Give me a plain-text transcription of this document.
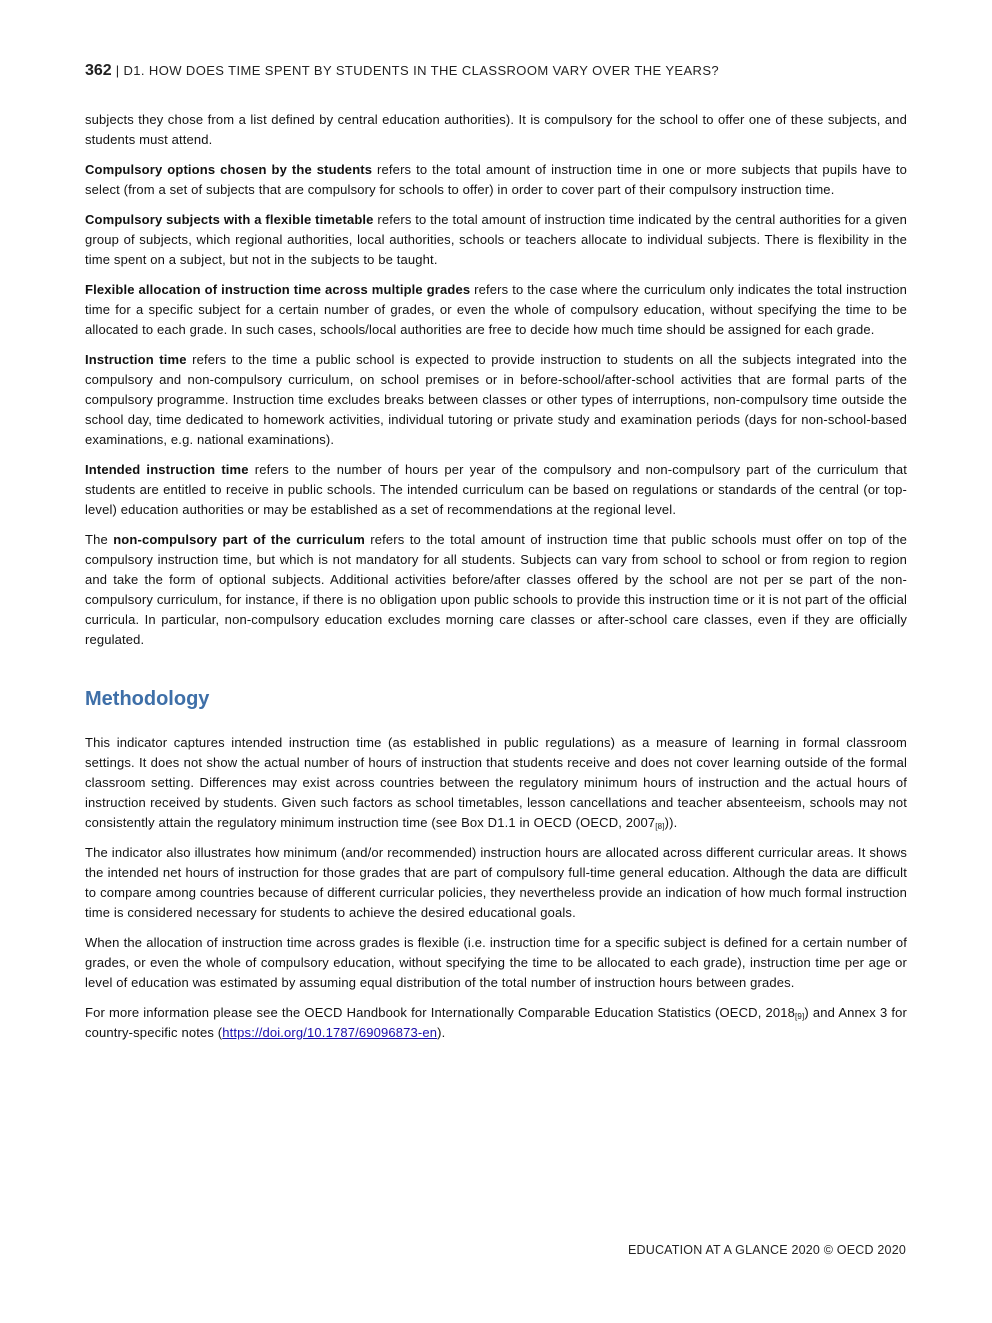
362 | D1. HOW DOES TIME SPENT BY STUDENTS IN THE CLASSROOM VARY OVER THE YEARS?

subjects they chose from a list defined by central education authorities). It is compulsory for the school to offer one of these subjects, and students must attend.

Compulsory options chosen by the students refers to the total amount of instruction time in one or more subjects that pupils have to select (from a set of subjects that are compulsory for schools to offer) in order to cover part of their compulsory instruction time.

Compulsory subjects with a flexible timetable refers to the total amount of instruction time indicated by the central authorities for a given group of subjects, which regional authorities, local authorities, schools or teachers allocate to individual subjects. There is flexibility in the time spent on a subject, but not in the subjects to be taught.

Flexible allocation of instruction time across multiple grades refers to the case where the curriculum only indicates the total instruction time for a specific subject for a certain number of grades, or even the whole of compulsory education, without specifying the time to be allocated to each grade. In such cases, schools/local authorities are free to decide how much time should be assigned for each grade.

Instruction time refers to the time a public school is expected to provide instruction to students on all the subjects integrated into the compulsory and non-compulsory curriculum, on school premises or in before-school/after-school activities that are formal parts of the compulsory programme. Instruction time excludes breaks between classes or other types of interruptions, non-compulsory time outside the school day, time dedicated to homework activities, individual tutoring or private study and examination periods (days for non-school-based examinations, e.g. national examinations).

Intended instruction time refers to the number of hours per year of the compulsory and non-compulsory part of the curriculum that students are entitled to receive in public schools. The intended curriculum can be based on regulations or standards of the central (or top-level) education authorities or may be established as a set of recommendations at the regional level.

The non-compulsory part of the curriculum refers to the total amount of instruction time that public schools must offer on top of the compulsory instruction time, but which is not mandatory for all students. Subjects can vary from school to school or from region to region and take the form of optional subjects. Additional activities before/after classes offered by the school are not per se part of the non-compulsory curriculum, for instance, if there is no obligation upon public schools to provide this instruction time or it is not part of the official curricula. In particular, non-compulsory education excludes morning care classes or after-school care classes, even if they are officially regulated.

Methodology

This indicator captures intended instruction time (as established in public regulations) as a measure of learning in formal classroom settings. It does not show the actual number of hours of instruction that students receive and does not cover learning outside of the formal classroom setting. Differences may exist across countries between the regulatory minimum hours of instruction and the actual hours of instruction received by students. Given such factors as school timetables, lesson cancellations and teacher absenteeism, schools may not consistently attain the regulatory minimum instruction time (see Box D1.1 in OECD (OECD, $2007_{[8]}$)).

The indicator also illustrates how minimum (and/or recommended) instruction hours are allocated across different curricular areas. It shows the intended net hours of instruction for those grades that are part of compulsory full-time general education. Although the data are difficult to compare among countries because of different curricular policies, they nevertheless provide an indication of how much formal instruction time is considered necessary for students to achieve the desired educational goals.

When the allocation of instruction time across grades is flexible (i.e. instruction time for a specific subject is defined for a certain number of grades, or even the whole of compulsory education, without specifying the time to be allocated to each grade), instruction time per age or level of education was estimated by assuming equal distribution of the total number of instruction hours between grades.

For more information please see the OECD Handbook for Internationally Comparable Education Statistics (OECD, $2018_{[9]}$) and Annex 3 for country-specific notes (https://doi.org/10.1787/69096873-en).

EDUCATION AT A GLANCE 2020 © OECD 2020
